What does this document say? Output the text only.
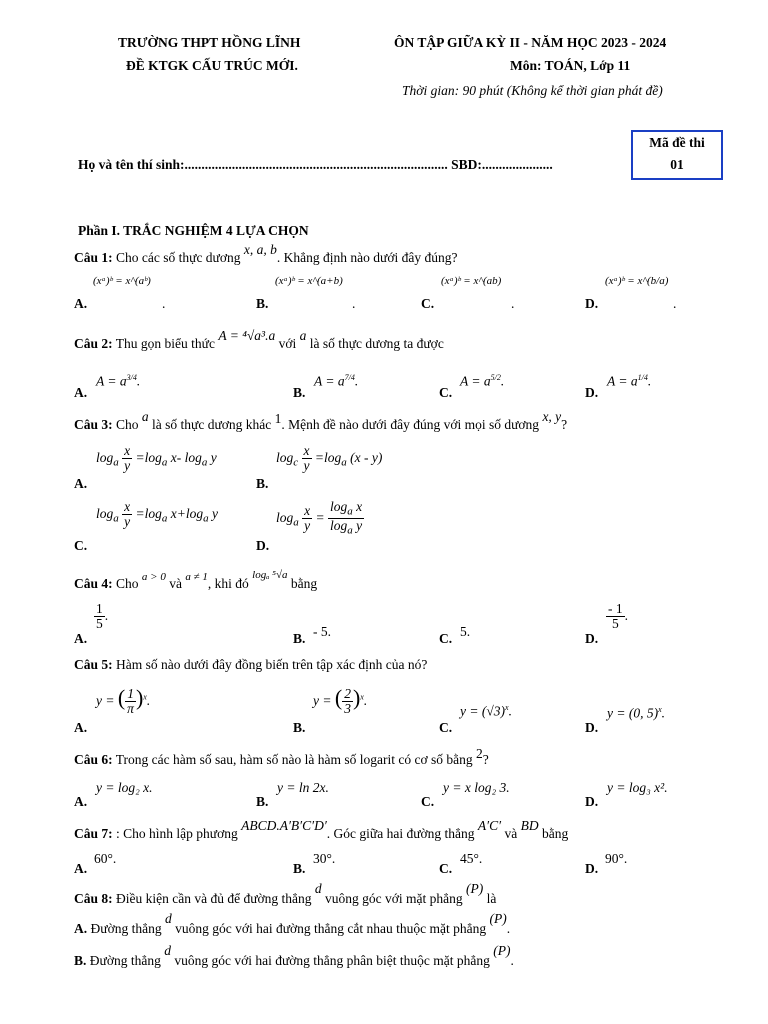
TRƯỜNG THPT HỒNG LĨNH
ĐỀ KTGK CẤU TRÚC MỚI.
ÔN TẬP GIỮA KỲ II - NĂM HỌC 2023 - 2024
Môn: TOÁN, Lớp 11
Thời gian: 90 phút (Không kể thời gian phát đề)
Mã đề thi
01
Họ và tên thí sinh:.............................................................................. SBD:.....................
Phần I. TRẮC NGHIỆM 4 LỰA CHỌN
Câu 1: Cho các số thực dương x, a, b. Khẳng định nào dưới đây đúng?
A.
(xᵃ)ᵇ = x^(aᵇ)
.	B.
(xᵃ)ᵇ = x^(a+b)
.	C.
(xᵃ)ᵇ = x^(ab)
.	D.
(xᵃ)ᵇ = x^(b/a)
.
Câu 2: Thu gọn biểu thức A = ⁴√a³.a với a là số thực dương ta được
A.
$A = a^{3/4}$.
B.
$A = a^{7/4}$.
C.
$A = a^{5/2}$.
D.
$A = a^{1/4}$.
Câu 3: Cho a là số thực dương khác 1. Mệnh đề nào dưới đây đúng với mọi số dương x, y?
A.
$\log_a \frac{x}{y} =\log_a$ x- $\log_a y$
B.
$\log_c \frac{x}{y} =\log_a$ (x - y)
C.
$\log_a \frac{x}{y} =\log_a$ $x+\log_a$ y
D.
$\log_a \frac{x}{y} = \frac{\log_a x}{\log_a y}$
Câu 4: Cho $^{a > 0}$ và $^{a \ne 1}$, khi đó $^{log_a ^5√a}$ bằng
A.
$\frac{1}{5}$ .
B. - 5.	C. 5.	D.
$\frac{- 1}{5}$ .
Câu 5: Hàm số nào dưới đây đồng biến trên tập xác định của nó?
A.
y = ( $\frac{1}{\pi} )^x$.
B.
y = ( $\frac{2}{3} )^x$.
C.
$y = (√3)^x$.
D.
y = (0, 5)$^x$.
Câu 6: Trong các hàm số sau, hàm số nào là hàm số logarit có cơ số bằng 2?
A.
y = log₂ x.
B.
y = ln 2x.
C.
y = x log₂ 3.
D.
y = log₃ x².
Câu 7: : Cho hình lập phương ABCD.A′B′C′D′. Góc giữa hai đường thẳng A′C′ và BD bằng
A.
60°.
B.
30°.
C.
45°.
D.
90°.
Câu 8: Điều kiện cần và đủ để đường thẳng d vuông góc với mặt phẳng (P) là
A. Đường thẳng d vuông góc với hai đường thẳng cắt nhau thuộc mặt phẳng (P).
B. Đường thẳng d vuông góc với hai đường thẳng phân biệt thuộc mặt phẳng (P).
